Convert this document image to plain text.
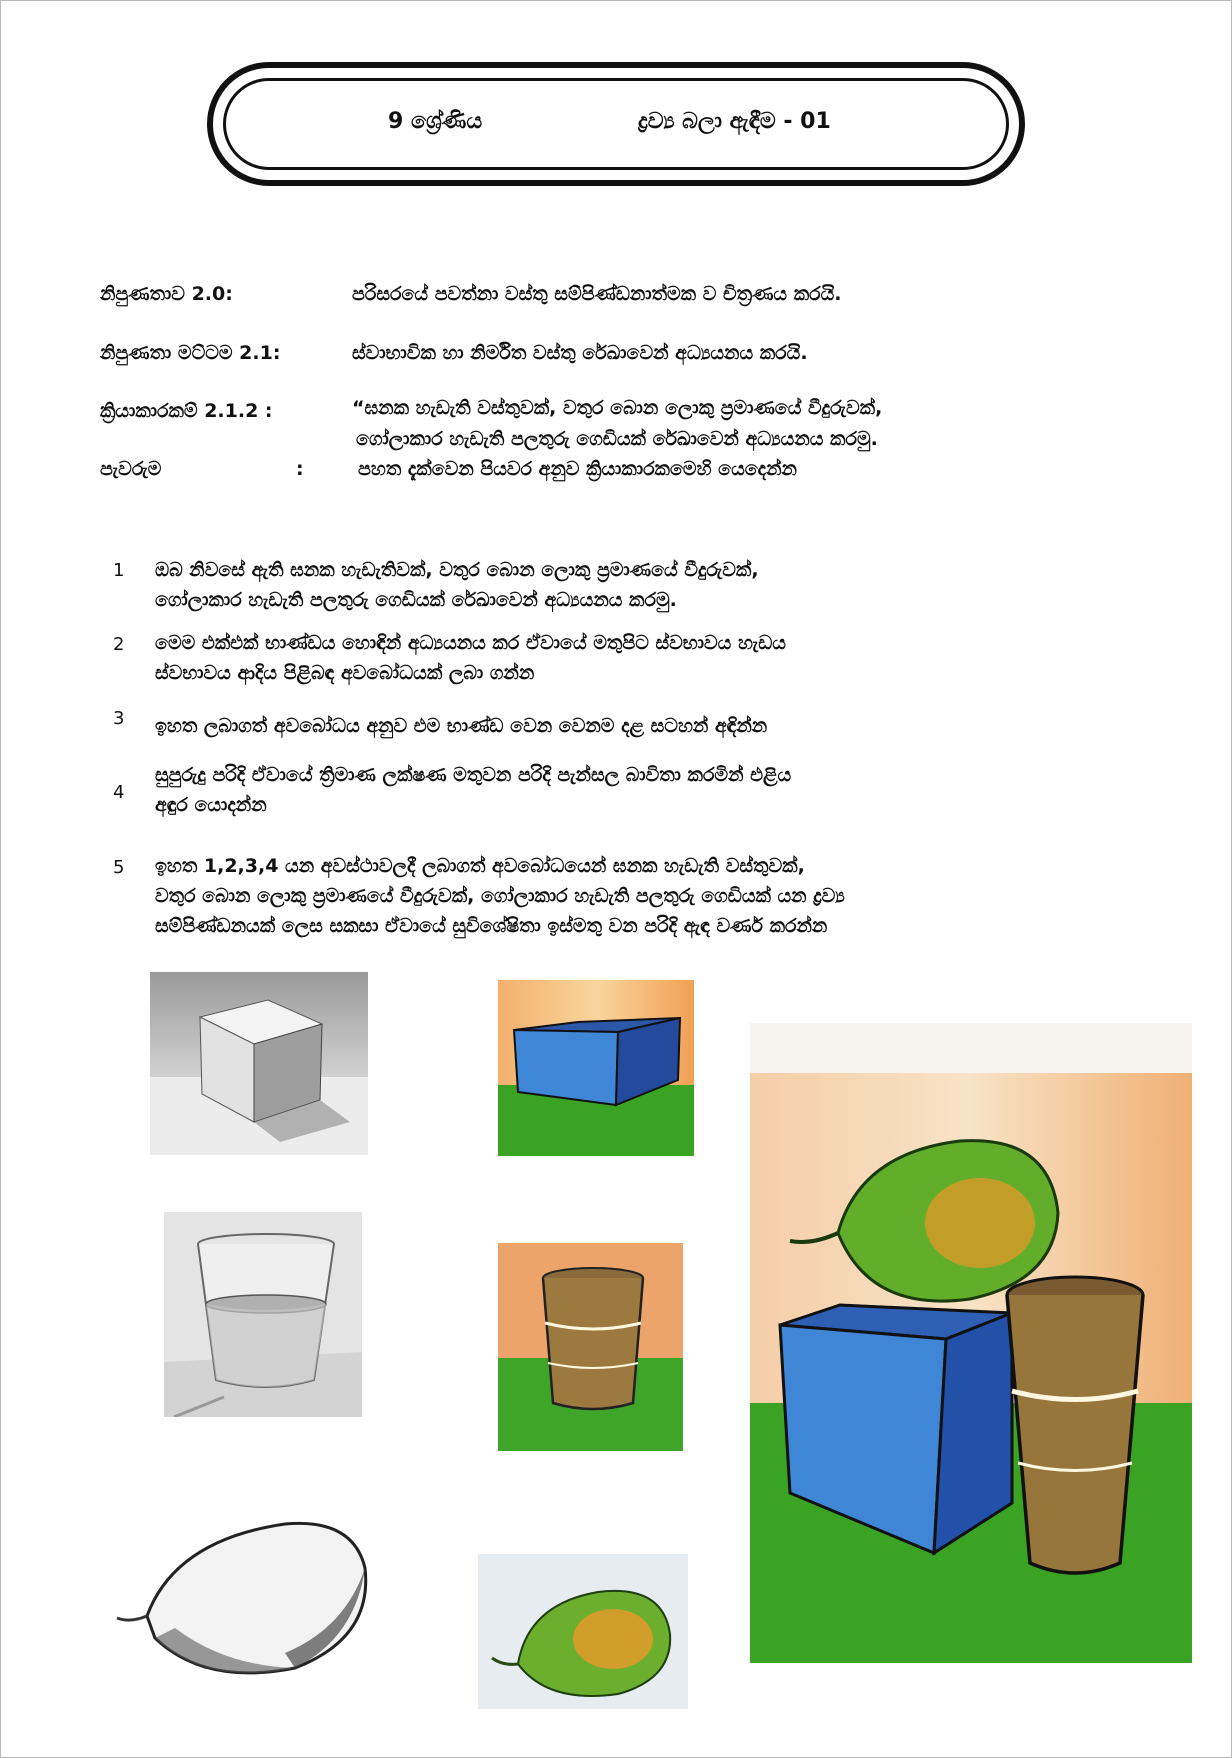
9 ශ්‍රේණිය	ද්‍රව්‍ය බලා ඇඳීම - 01
නිපුණතාව 2.0:	පරිසරයේ පවත්නා වස්තු සම්පිණ්ඩනාත්මක ව චිත්‍රණය කරයි.
නිපුණතා මට්ටම 2.1:	ස්වාභාවික හා නිර්මිත වස්තු රේඛාවෙන් අධ්‍යයනය කරයි.
ක්‍රියාකාරකම් 2.1.2 :	“ඝනක හැඩැති වස්තුවක්, වතුර බොන ලොකු ප්‍රමාණයේ වීදුරුවක්,
ගෝලාකාර හැඩැති පලතුරු ගෙඩියක් රේඛාවෙන් අධ්‍යයනය කරමු.
පැවරුම	:	පහත දැක්වෙන පියවර අනුව ක්‍රියාකාරකමෙහි යෙදෙන්න
1 ඔබ නිවසේ ඇති ඝනක හැඩැතිවක්, වතුර බොන ලොකු ප්‍රමාණයේ වීදුරුවක්,
ගෝලාකාර හැඩැති පලතුරු ගෙඩියක් රේඛාවෙන් අධ්‍යයනය කරමු.
2 මෙම එක්එක් භාණ්ඩය හොඳින් අධ්‍යයනය කර ඒවායේ මතුපිට ස්වභාවය හැඩය
ස්වභාවය ආදිය පිළිබඳ අවබෝධයක් ලබා ගන්න
3 ඉහත ලබාගත් අවබෝධය අනුව එම භාණ්ඩ වෙන වෙනම දළ සටහන් අඳින්න
4
සුපුරුදු පරිදි ඒවායේ ත්‍රිමාණ ලක්ෂණ මතුවන පරිදි පැන්සල බාවිතා කරමින් එළිය
අඳුර යොදන්න
5 ඉහත 1,2,3,4 යන අවස්ථාවලදී ලබාගත් අවබෝධයෙන් ඝනක හැඩැති වස්තුවක්,
වතුර බොන ලොකු ප්‍රමාණයේ වීදුරුවක්, ගෝලාකාර හැඩැති පලතුරු ගෙඩියක් යන ද්‍රව්‍ය
සම්පිණ්ඩනයක් ලෙස සකසා ඒවායේ සුවිශේෂිතා ඉස්මතු වන පරිදි ඇඳ වර්ණ කරන්න
